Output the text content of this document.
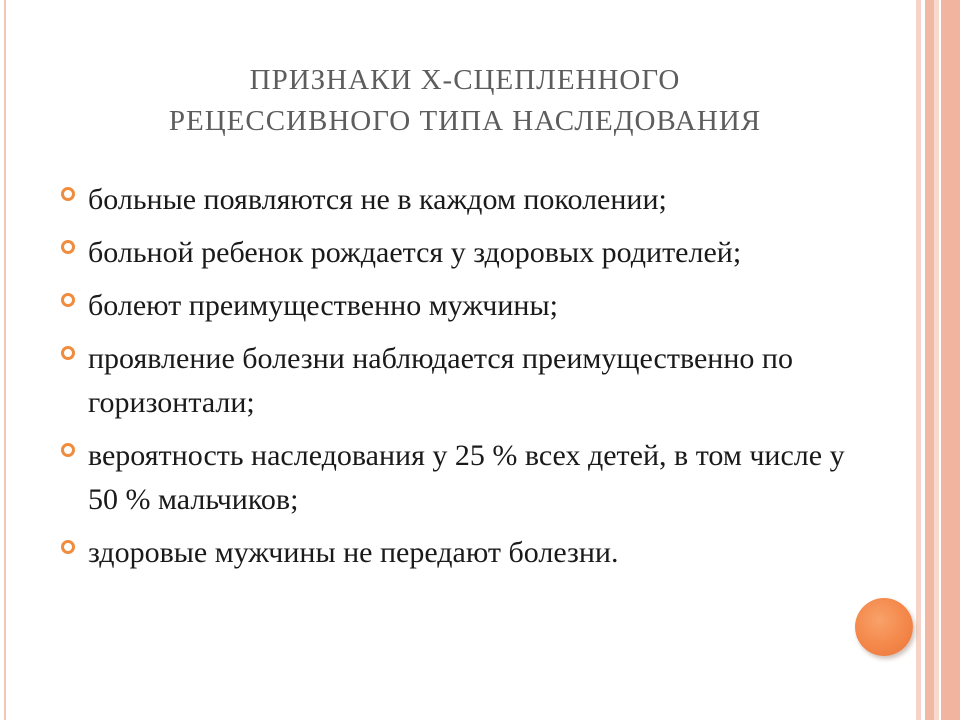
ПРИЗНАКИ Х-СЦЕПЛЕННОГО
РЕЦЕССИВНОГО ТИПА НАСЛЕДОВАНИЯ
больные появляются не в каждом поколении;
больной ребенок рождается у здоровых родителей;
болеют преимущественно мужчины;
проявление болезни наблюдается преимущественно по горизонтали;
вероятность наследования у 25 % всех детей, в том числе у 50 % мальчиков;
здоровые мужчины не передают болезни.
